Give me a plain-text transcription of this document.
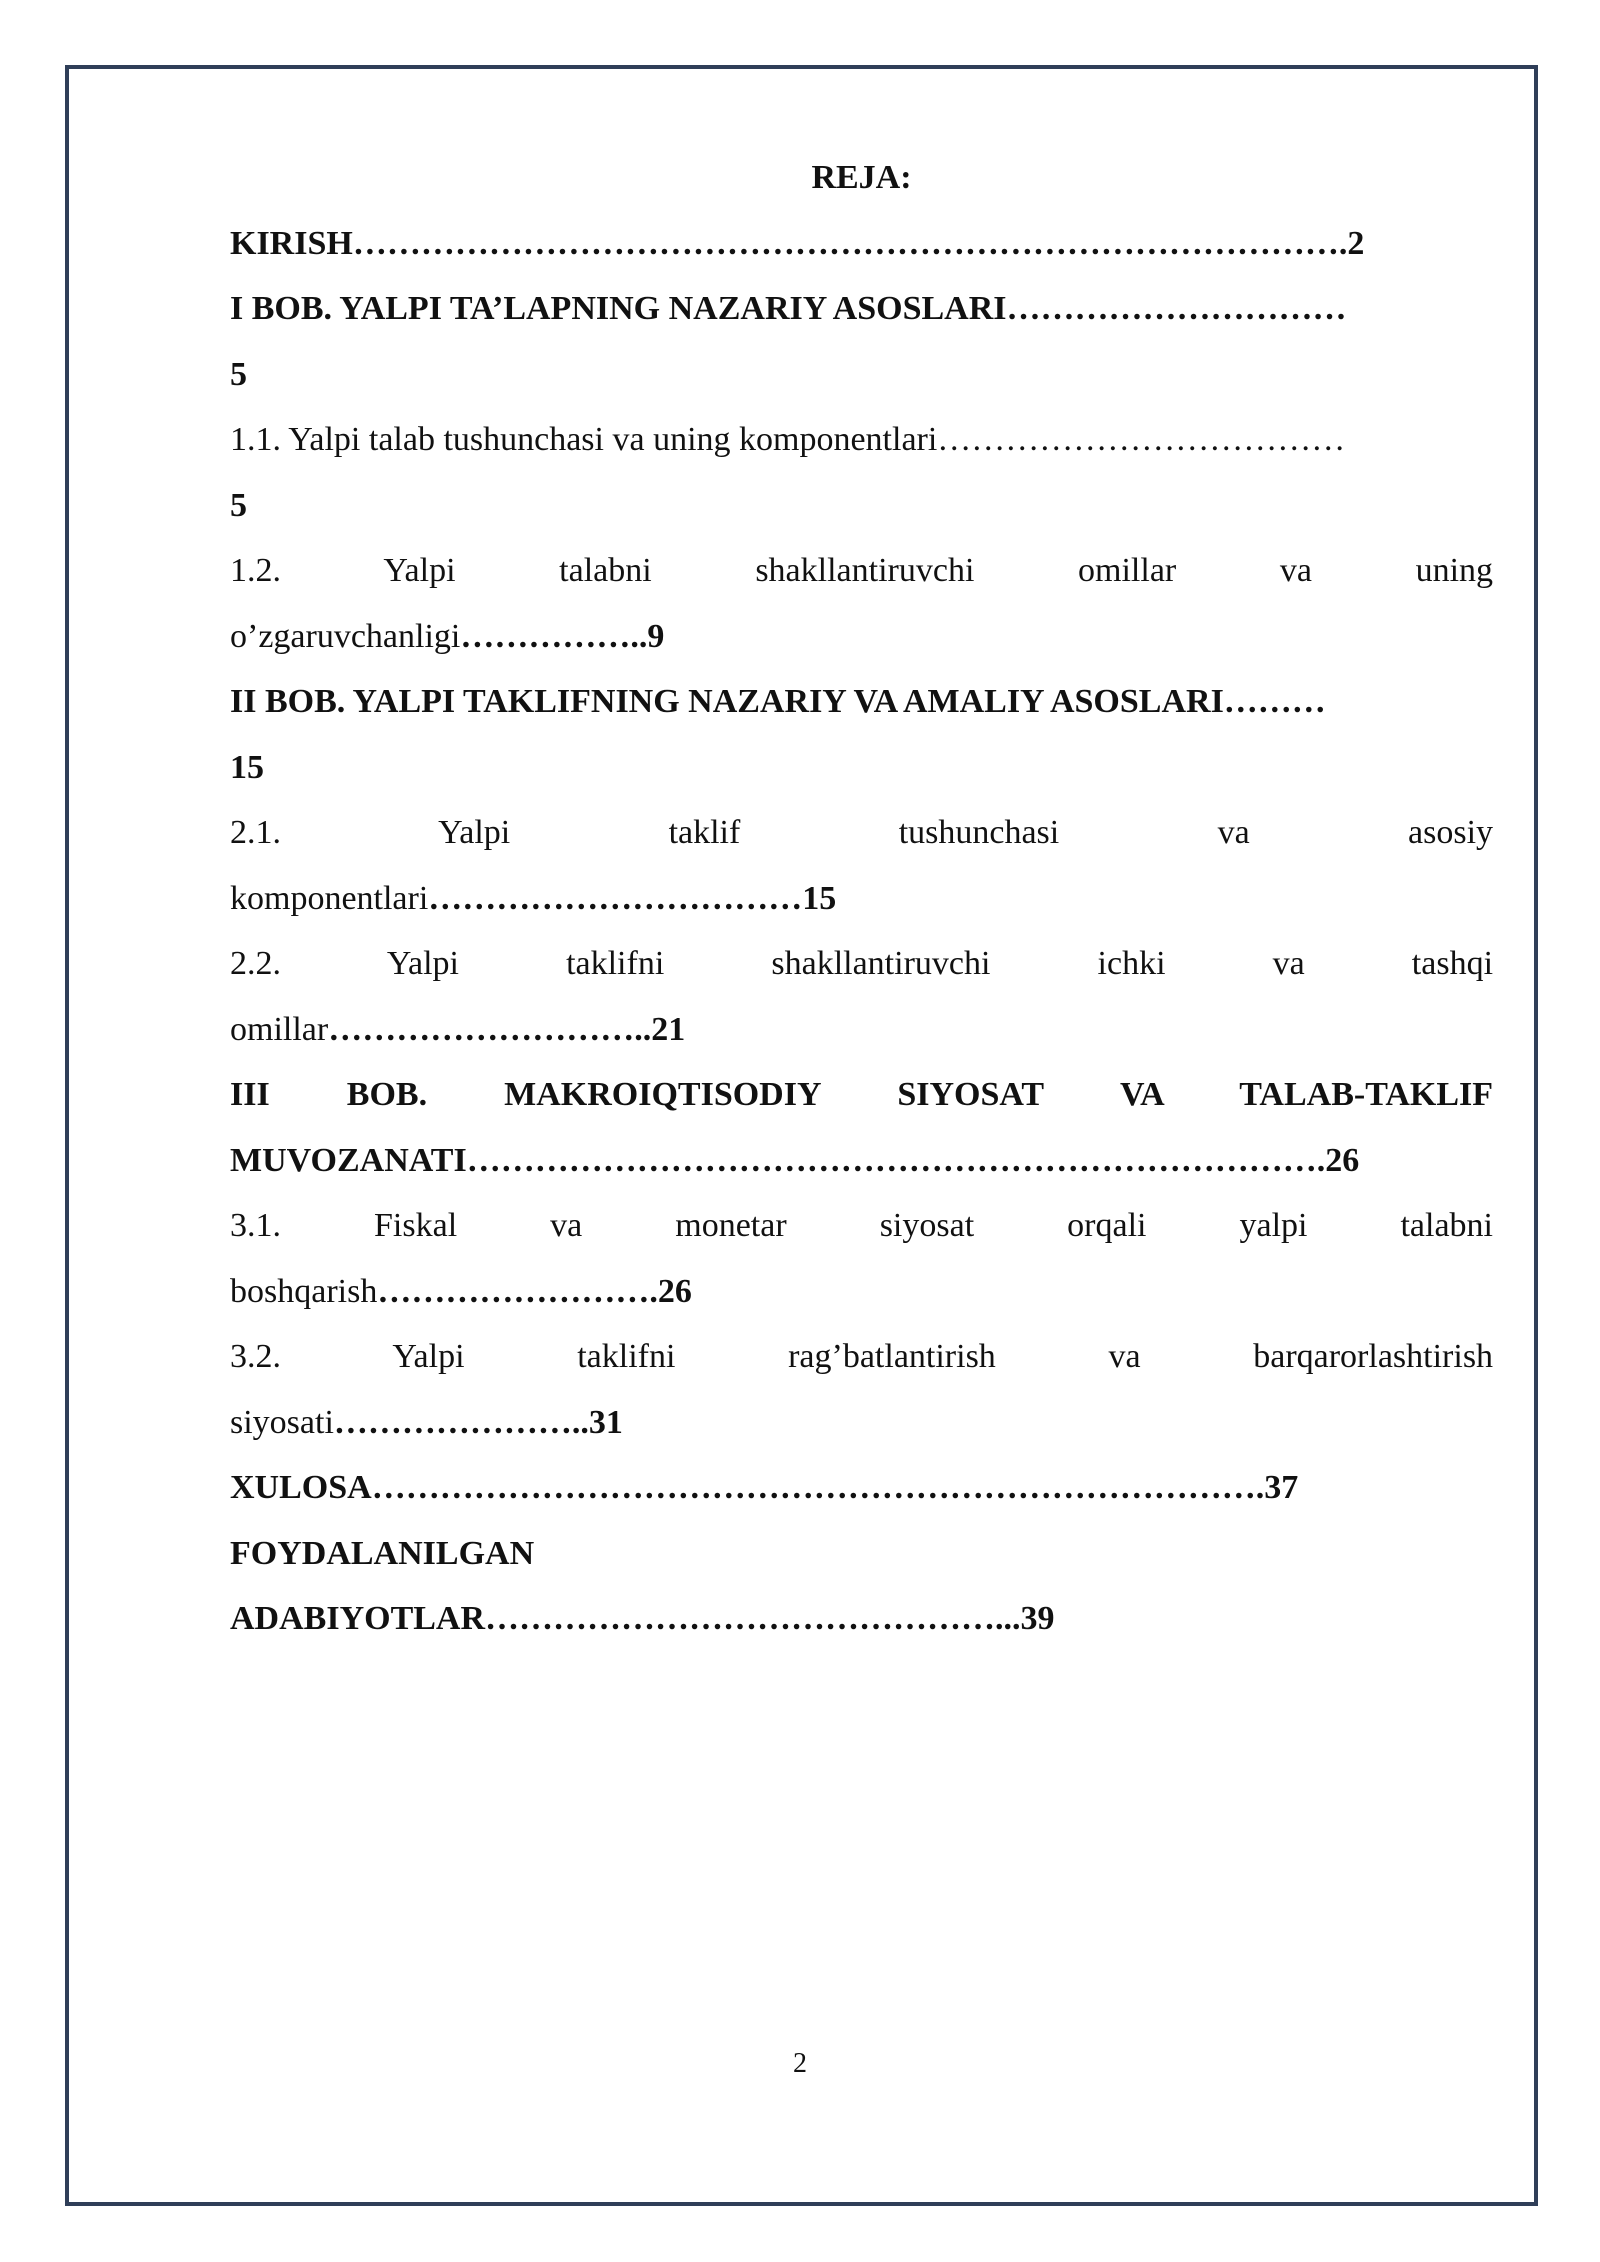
REJA:

KIRISH…………………………………………………………………………….2

I BOB. YALPI TA’LAPNING NAZARIY ASOSLARI…………………………

5

1.1. Yalpi talab tushunchasi va uning komponentlari………………………………

5

1.2.	Yalpi	talabni	shakllantiruvchi	omillar	va	uning

o’zgaruvchanligi……………..9

II BOB. YALPI TAKLIFNING NAZARIY VA AMALIY ASOSLARI………

15

2.1.	Yalpi	taklif	tushunchasi	va	asosiy

komponentlari……………………………15

2.2.	Yalpi	taklifni	shakllantiruvchi	ichki	va	tashqi

omillar………………………..21

III BOB. MAKROIQTISODIY SIYOSAT VA TALAB-TAKLIF

MUVOZANATI………………………………………………………………….26

3.1.	Fiskal	va	monetar	siyosat	orqali	yalpi	talabni

boshqarish…………………….26

3.2.	Yalpi	taklifni	rag’batlantirish	va	barqarorlashtirish

siyosati…………………..31

XULOSA…………………………………………………………………….37

FOYDALANILGAN

ADABIYOTLAR………………………………………...39

2
